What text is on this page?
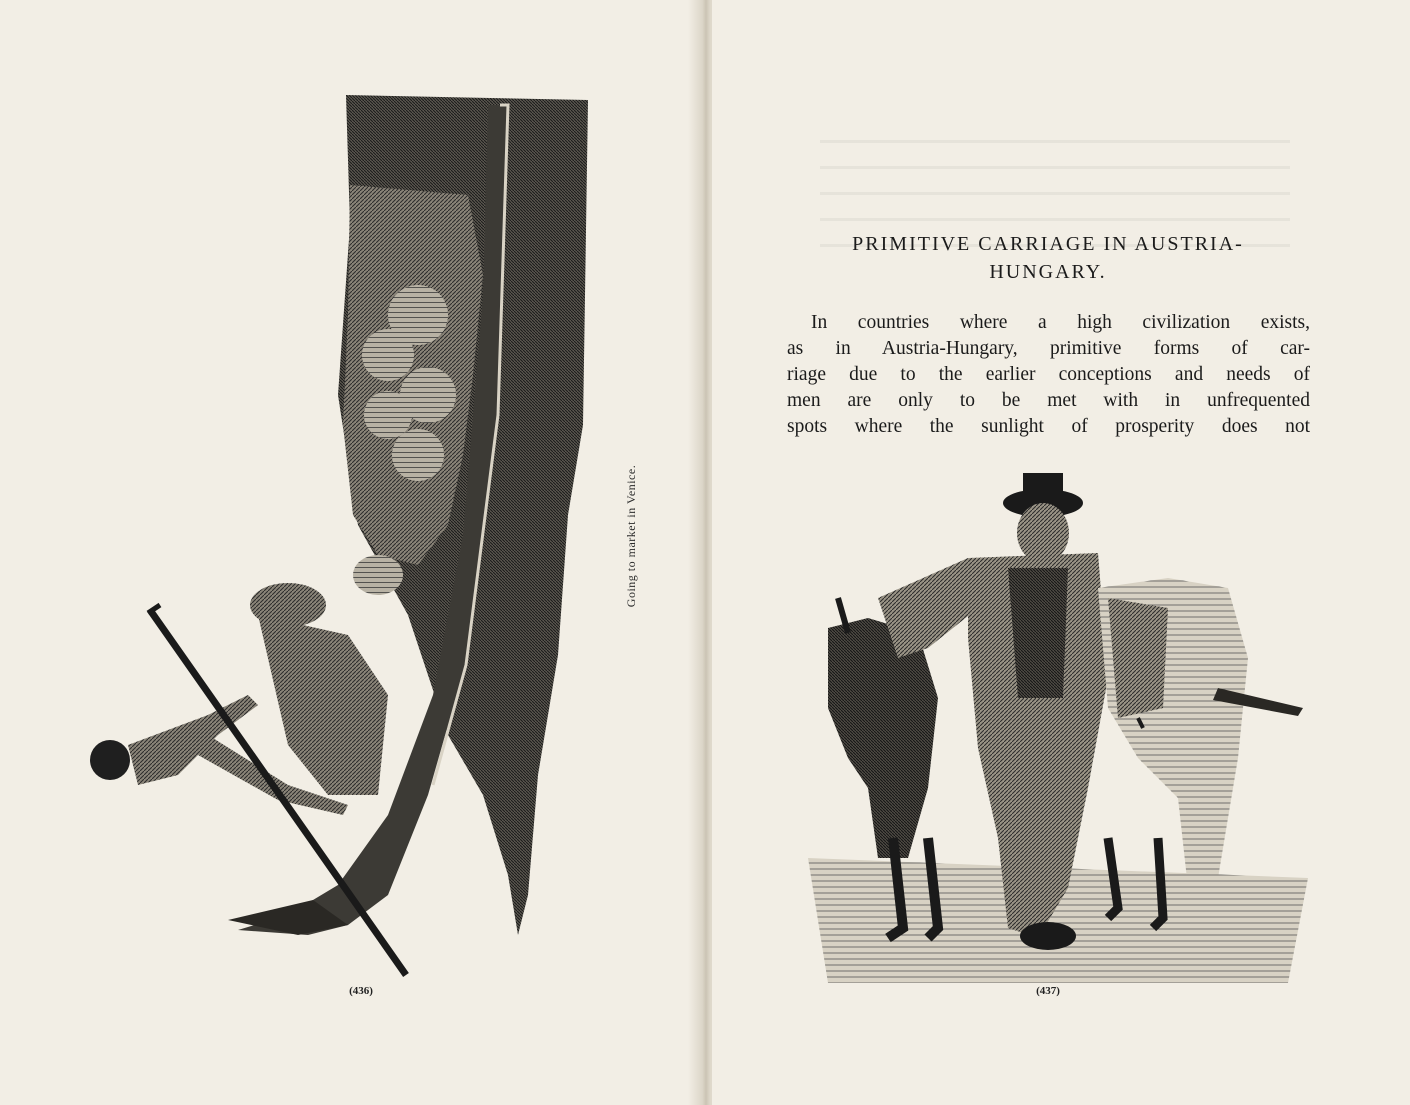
Going to market in Venice.
(436)
PRIMITIVE CARRIAGE IN AUSTRIA-
HUNGARY.
In countries where a high civilization exists,
as in Austria-Hungary, primitive forms of car-
riage due to the earlier conceptions and needs of
men are only to be met with in unfrequented
spots where the sunlight of prosperity does not
(437)
